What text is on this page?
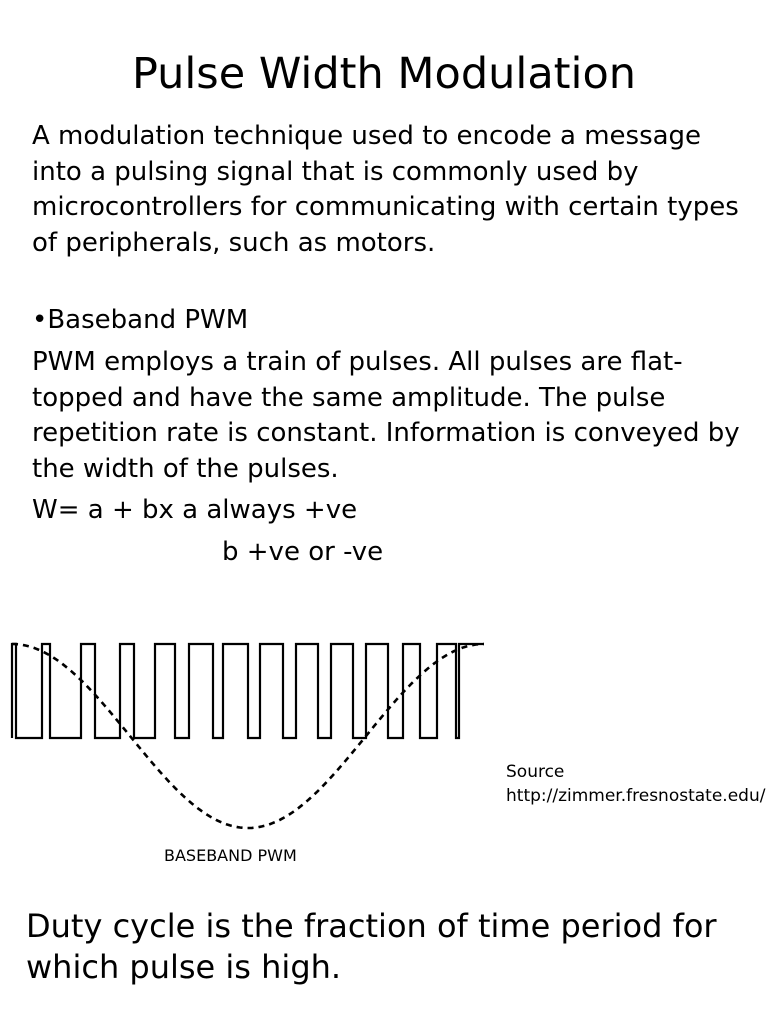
Pulse Width Modulation

A modulation technique used to encode a message into a pulsing signal that is commonly used by microcontrollers for communicating with certain types of peripherals, such as motors.

•Baseband PWM

PWM employs a train of pulses. All pulses are flat-topped and have the same amplitude. The pulse repetition rate is constant. Information is conveyed by the width of the pulses.

W= a + bx a always +ve

b +ve or -ve

BASEBAND PWM
Source
http://zimmer.fresnostate.edu/

Duty cycle is the fraction of time period for which pulse is high.
